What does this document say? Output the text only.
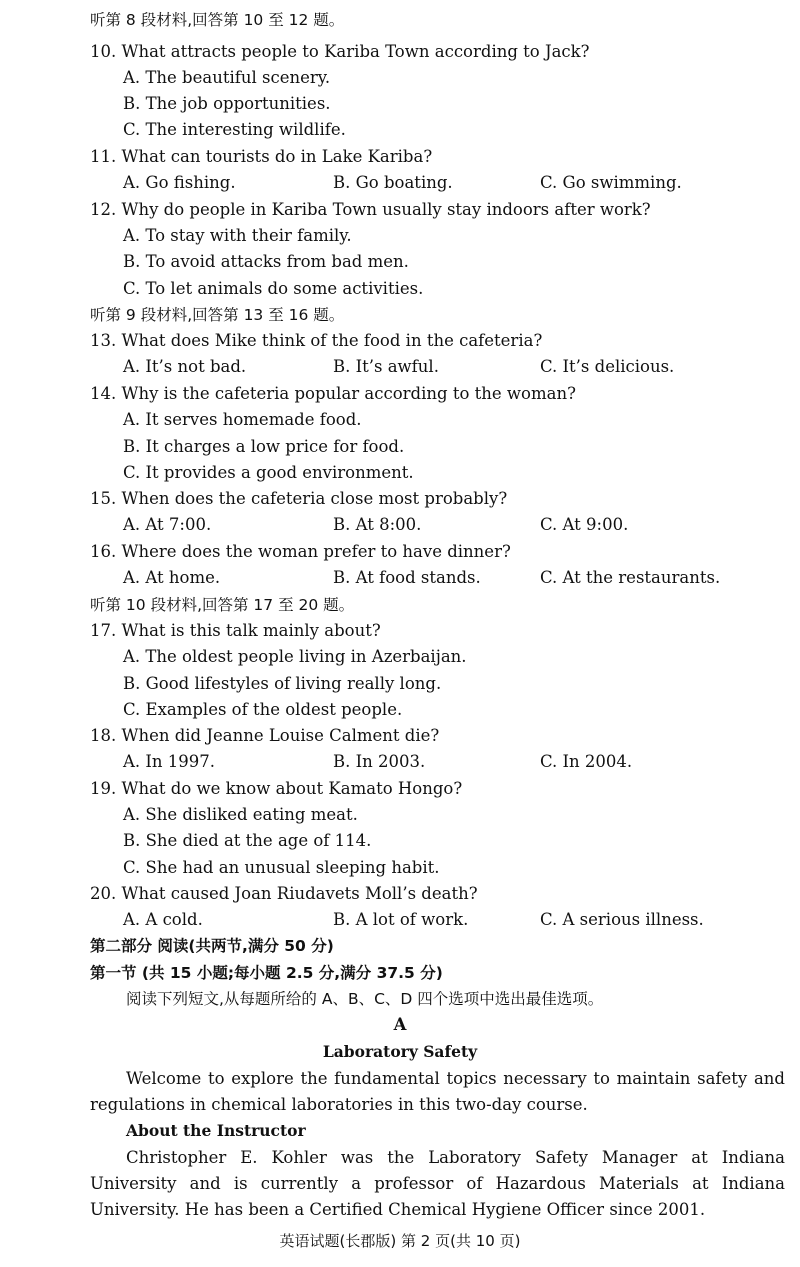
听第 8 段材料,回答第 10 至 12 题。
10. What attracts people to Kariba Town according to Jack?
A. The beautiful scenery.
B. The job opportunities.
C. The interesting wildlife.
11. What can tourists do in Lake Kariba?
A. Go fishing.	B. Go boating.	C. Go swimming.
12. Why do people in Kariba Town usually stay indoors after work?
A. To stay with their family.
B. To avoid attacks from bad men.
C. To let animals do some activities.
听第 9 段材料,回答第 13 至 16 题。
13. What does Mike think of the food in the cafeteria?
A. It’s not bad.	B. It’s awful.	C. It’s delicious.
14. Why is the cafeteria popular according to the woman?
A. It serves homemade food.
B. It charges a low price for food.
C. It provides a good environment.
15. When does the cafeteria close most probably?
A. At 7:00.	B. At 8:00.	C. At 9:00.
16. Where does the woman prefer to have dinner?
A. At home.	B. At food stands.	C. At the restaurants.
听第 10 段材料,回答第 17 至 20 题。
17. What is this talk mainly about?
A. The oldest people living in Azerbaijan.
B. Good lifestyles of living really long.
C. Examples of the oldest people.
18. When did Jeanne Louise Calment die?
A. In 1997.	B. In 2003.	C. In 2004.
19. What do we know about Kamato Hongo?
A. She disliked eating meat.
B. She died at the age of 114.
C. She had an unusual sleeping habit.
20. What caused Joan Riudavets Moll’s death?
A. A cold.	B. A lot of work.	C. A serious illness.
第二部分 阅读(共两节,满分 50 分)
第一节 (共 15 小题;每小题 2.5 分,满分 37.5 分)
阅读下列短文,从每题所给的 A、B、C、D 四个选项中选出最佳选项。
A
Laboratory Safety
Welcome to explore the fundamental topics necessary to maintain safety and regulations in chemical laboratories in this two-day course.
About the Instructor
Christopher E. Kohler was the Laboratory Safety Manager at Indiana University and is currently a professor of Hazardous Materials at Indiana University. He has been a Certified Chemical Hygiene Officer since 2001.
英语试题(长郡版) 第 2 页(共 10 页)
